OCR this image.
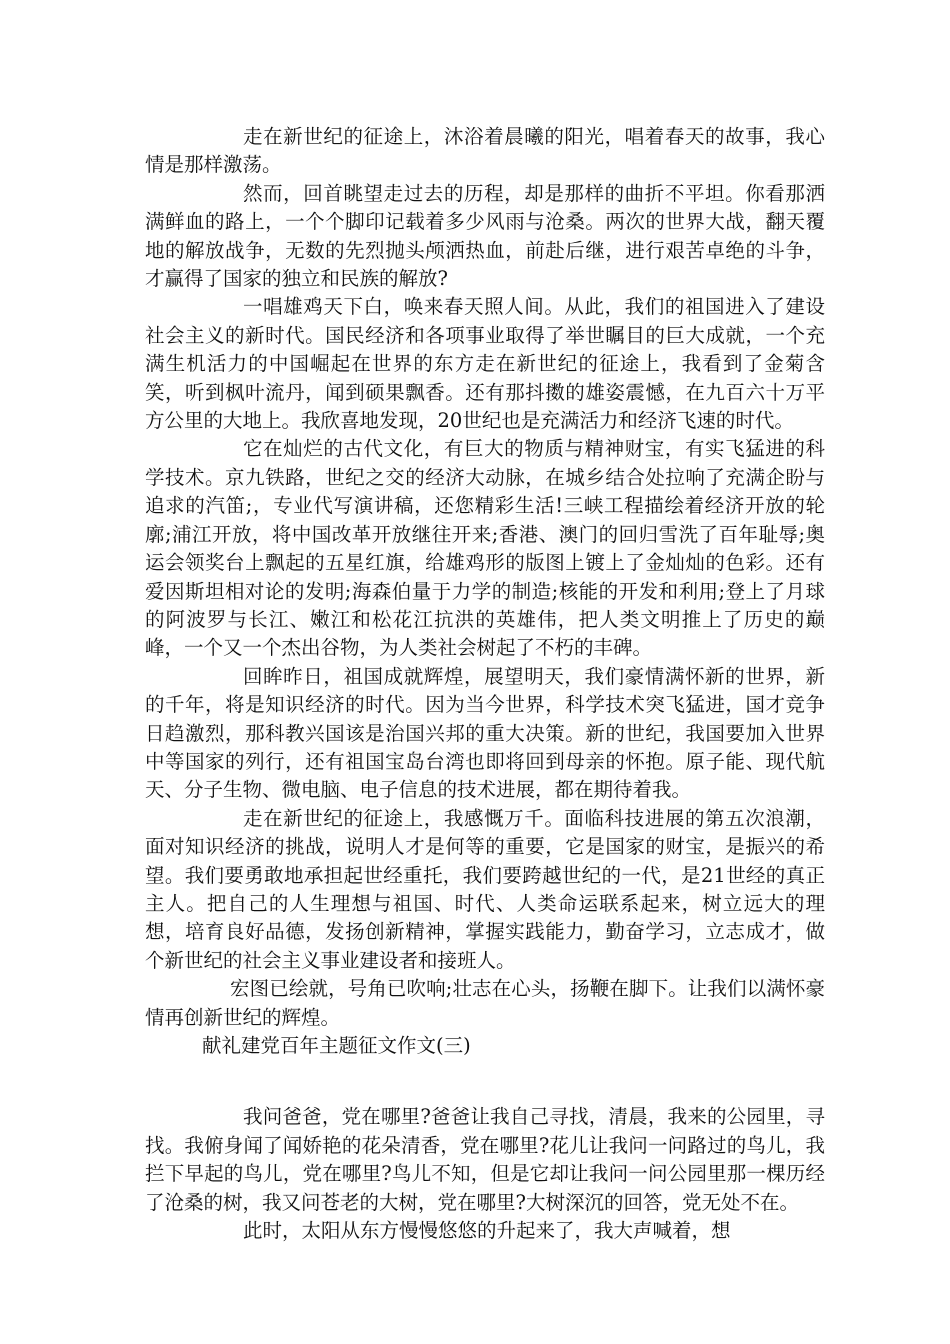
走在新世纪的征途上，沐浴着晨曦的阳光，唱着春天的故事，我心情是那样激荡。

然而，回首眺望走过去的历程，却是那样的曲折不平坦。你看那洒满鲜血的路上，一个个脚印记载着多少风雨与沧桑。两次的世界大战，翻天覆地的解放战争，无数的先烈抛头颅洒热血，前赴后继，进行艰苦卓绝的斗争，才赢得了国家的独立和民族的解放?

一唱雄鸡天下白，唤来春天照人间。从此，我们的祖国进入了建设社会主义的新时代。国民经济和各项事业取得了举世瞩目的巨大成就，一个充满生机活力的中国崛起在世界的东方走在新世纪的征途上，我看到了金菊含笑，听到枫叶流丹，闻到硕果飘香。还有那抖擞的雄姿震憾，在九百六十万平方公里的大地上。我欣喜地发现，20世纪也是充满活力和经济飞速的时代。

它在灿烂的古代文化，有巨大的物质与精神财宝，有实飞猛进的科学技术。京九铁路，世纪之交的经济大动脉，在城乡结合处拉响了充满企盼与追求的汽笛;，专业代写演讲稿，还您精彩生活!三峡工程描绘着经济开放的轮廓;浦江开放，将中国改革开放继往开来;香港、澳门的回归雪洗了百年耻辱;奥运会领奖台上飘起的五星红旗，给雄鸡形的版图上镀上了金灿灿的色彩。还有爱因斯坦相对论的发明;海森伯量于力学的制造;核能的开发和利用;登上了月球的阿波罗与长江、嫩江和松花江抗洪的英雄伟，把人类文明推上了历史的巅峰，一个又一个杰出谷物，为人类社会树起了不朽的丰碑。

回眸昨日，祖国成就辉煌，展望明天，我们豪情满怀新的世界，新的千年，将是知识经济的时代。因为当今世界，科学技术突飞猛进，国才竞争日趋激烈，那科教兴国该是治国兴邦的重大决策。新的世纪，我国要加入世界中等国家的列行，还有祖国宝岛台湾也即将回到母亲的怀抱。原子能、现代航天、分子生物、微电脑、电子信息的技术进展，都在期待着我。

走在新世纪的征途上，我感慨万千。面临科技进展的第五次浪潮，面对知识经济的挑战，说明人才是何等的重要，它是国家的财宝，是振兴的希望。我们要勇敢地承担起世经重托，我们要跨越世纪的一代，是21世经的真正主人。把自己的人生理想与祖国、时代、人类命运联系起来，树立远大的理想，培育良好品德，发扬创新精神，掌握实践能力，勤奋学习，立志成才，做个新世纪的社会主义事业建设者和接班人。

宏图已绘就，号角已吹响;壮志在心头，扬鞭在脚下。让我们以满怀豪情再创新世纪的辉煌。

献礼建党百年主题征文作文(三)

我问爸爸，党在哪里?爸爸让我自己寻找，清晨，我来的公园里，寻找。我俯身闻了闻娇艳的花朵清香，党在哪里?花儿让我问一问路过的鸟儿，我拦下早起的鸟儿，党在哪里?鸟儿不知，但是它却让我问一问公园里那一棵历经了沧桑的树，我又问苍老的大树，党在哪里?大树深沉的回答，党无处不在。

此时，太阳从东方慢慢悠悠的升起来了，我大声喊着，想
